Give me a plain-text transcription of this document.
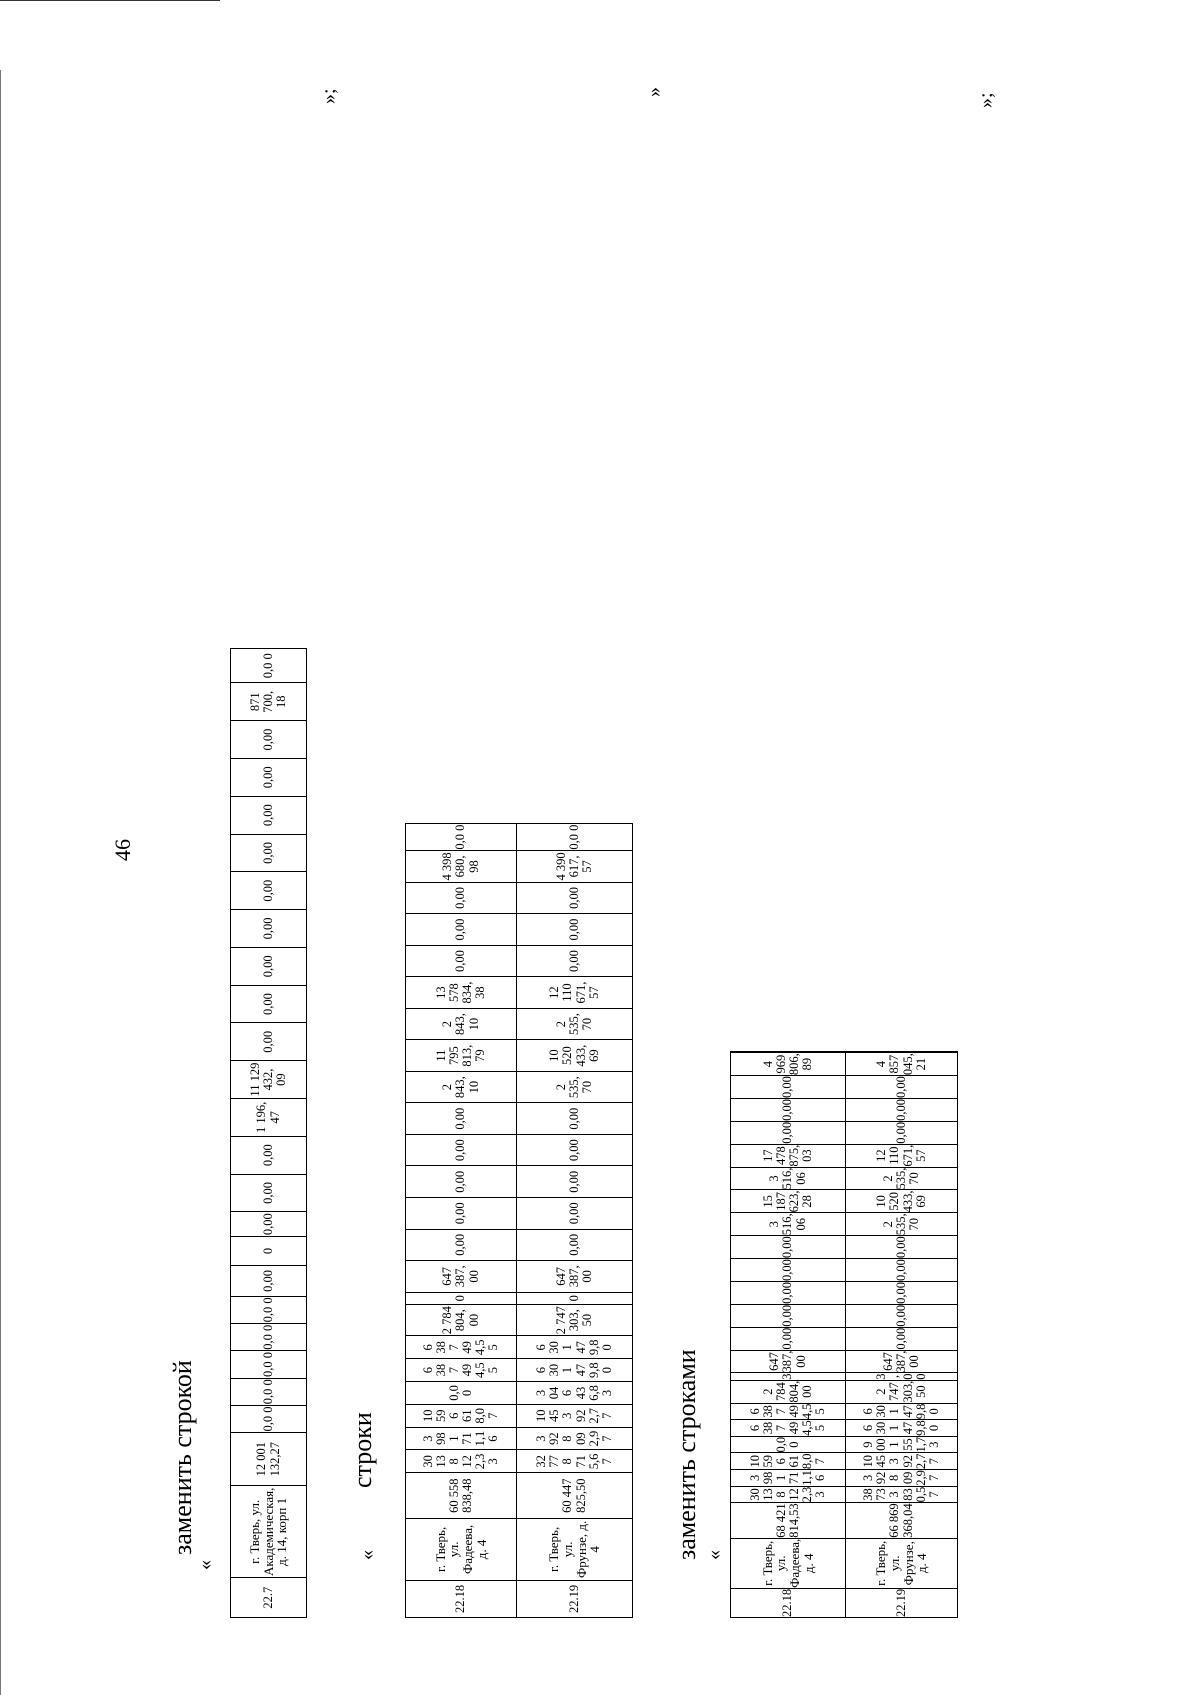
46
заменить строкой
«
»;
22.7	г. Тверь, ул. Академическая, д. 14, корп 1	12 001 132,27	0,0 0	0,0 0	0,0 0	0,0 0	0,0 0	0,00	0	0,00	0,00	0,00	1 196, 47	11 129 432, 09	0,00	0,00	0,00	0,00	0,00	0,00	0,00	0,00	0,00	871 700, 18	0,0 0
строки
«
»
22.18	г. Тверь, ул. Фадеева, д. 4	60 558 838,48	30 13 8 12 2,3 3	3 98 1 71 1,1 6	10 59 6 61 8,0 7	0,0 0	6 38 7 49 4,5 5	6 38 7 49 4,5 5	2 784 804, 00	0	647 387, 00	0,00	0,00	0,00	0,00	0,00	2 843, 10	11 795 813, 79	2 843, 10	13 578 834, 38	0,00	0,00	0,00	4 398 680, 98	0,0 0
22.19	г. Тверь, ул. Фрунзе, д. 4	60 447 825,50	32 77 8 71 5,6 7	3 92 8 09 2,9 7	10 45 3 92 2,7 7	3 04 6 43 6,8 3	6 30 1 47 9,8 0	6 30 1 47 9,8 0	2 747 303, 50	0	647 387, 00	0,00	0,00	0,00	0,00	0,00	2 535, 70	10 520 433, 69	2 535, 70	12 110 671, 57	0,00	0,00	0,00	4 390 617, 57	0,0 0
заменить строками «
»;
22.18	г. Тверь, ул. Фадеева, д. 4	68 421 814,53	30 13 8 12 2,3 3	3 98 1 71 1,1 6	10 59 6 61 8,0 7	0,0 0	6 38 7 49 4,5 5	6 38 7 49 4,5 5	2 784 804, 00	3	647 387, 00	0,00	0,00	0,00	0,00	0,00	3 516, 06	15 187 623, 28	3 516, 06	17 478 875, 03	0,00	0,00	0,00	4 969 806, 89	
22.19	г. Тверь, ул. Фрунзе, д. 4	66 869 368,04	38 73 3 83 0,5 7	3 92 8 09 2,9 7	10 45 3 92 2,7 7	9 00 1 55 1,7 3	6 30 1 47 9,8 0	6 30 1 47 9,8 0	2 747 303, 50	3 , 0 0	647 387, 00	0,00	0,00	0,00	0,00	0,00	2 535, 70	10 520 433, 69	2 535, 70	12 110 671, 57	0,00	0,00	0,00	4 857 045, 21	
